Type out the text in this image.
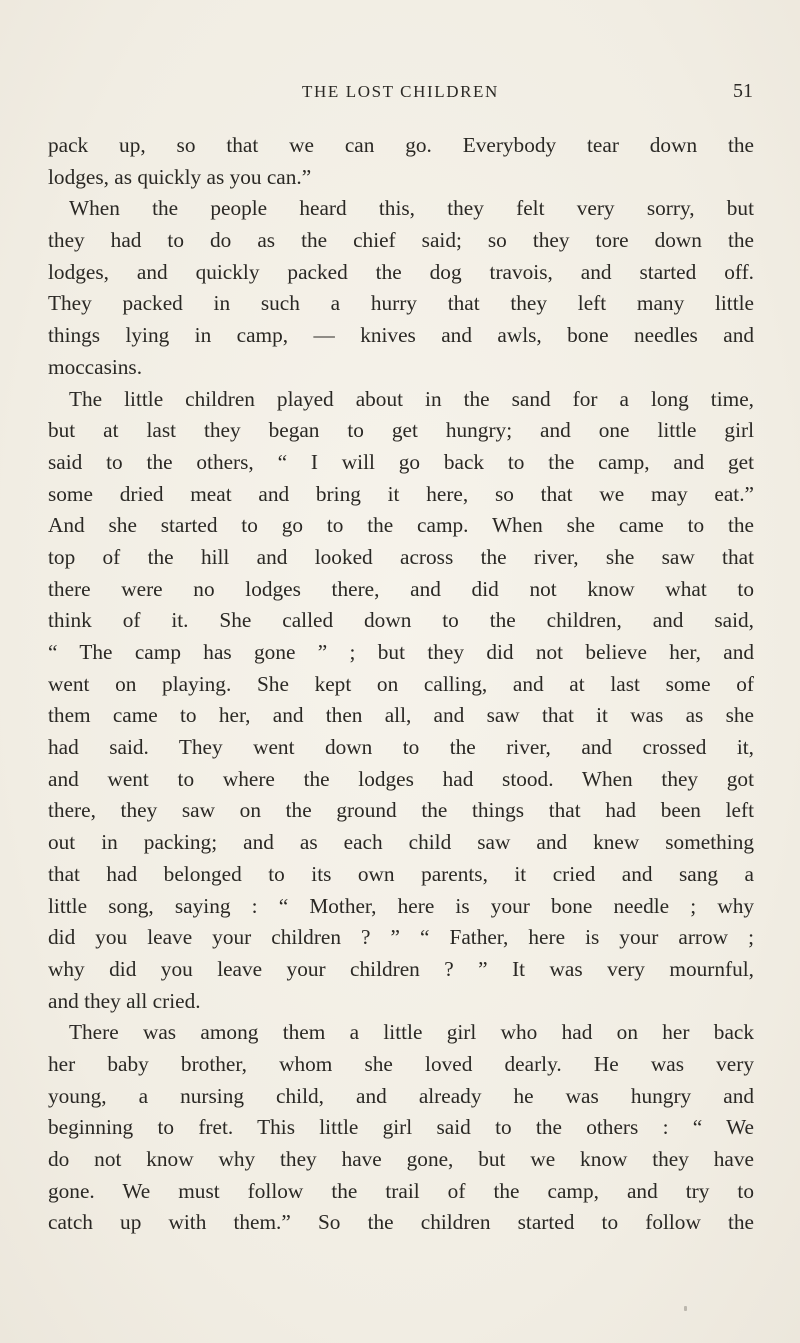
THE LOST CHILDREN	51
pack up, so that we can go. Everybody tear down the
lodges, as quickly as you can.”
When the people heard this, they felt very sorry, but
they had to do as the chief said; so they tore down the
lodges, and quickly packed the dog travois, and started off.
They packed in such a hurry that they left many little
things lying in camp, — knives and awls, bone needles and
moccasins.
The little children played about in the sand for a long time,
but at last they began to get hungry; and one little girl
said to the others, “ I will go back to the camp, and get
some dried meat and bring it here, so that we may eat.”
And she started to go to the camp. When she came to the
top of the hill and looked across the river, she saw that
there were no lodges there, and did not know what to
think of it. She called down to the children, and said,
“ The camp has gone ” ; but they did not believe her, and
went on playing. She kept on calling, and at last some of
them came to her, and then all, and saw that it was as she
had said. They went down to the river, and crossed it,
and went to where the lodges had stood. When they got
there, they saw on the ground the things that had been left
out in packing; and as each child saw and knew something
that had belonged to its own parents, it cried and sang a
little song, saying : “ Mother, here is your bone needle ; why
did you leave your children ? ” “ Father, here is your arrow ;
why did you leave your children ? ” It was very mournful,
and they all cried.
There was among them a little girl who had on her back
her baby brother, whom she loved dearly. He was very
young, a nursing child, and already he was hungry and
beginning to fret. This little girl said to the others : “ We
do not know why they have gone, but we know they have
gone. We must follow the trail of the camp, and try to
catch up with them.” So the children started to follow the
